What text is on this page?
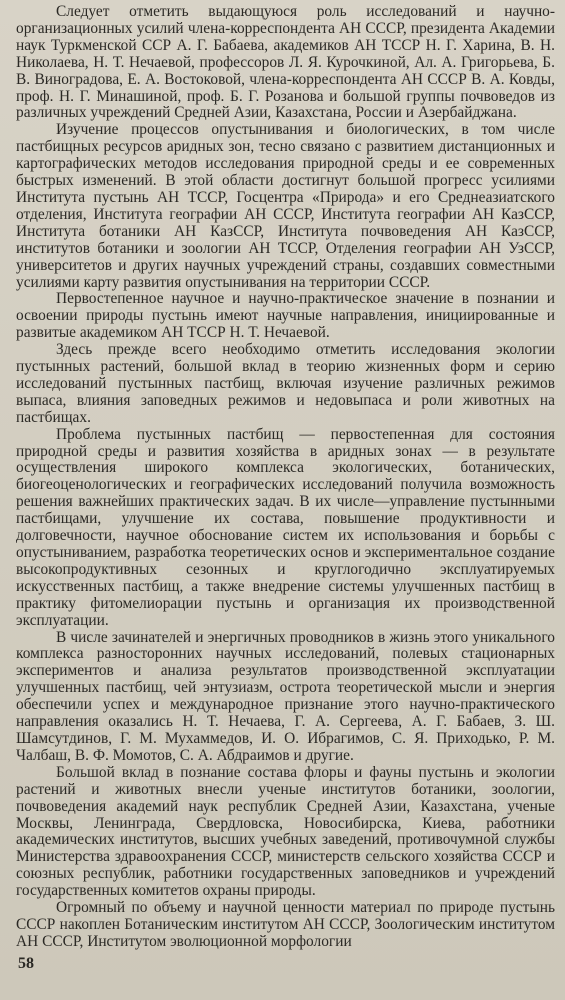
Следует отметить выдающуюся роль исследований и научно-организационных усилий члена-корреспондента АН СССР, президента Академии наук Туркменской ССР А. Г. Бабаева, академиков АН ТССР Н. Г. Харина, В. Н. Николаева, Н. Т. Нечаевой, профессоров Л. Я. Курочкиной, Ал. А. Григорьева, Б. В. Виноградова, Е. А. Востоковой, члена-корреспондента АН СССР В. А. Ковды, проф. Н. Г. Минашиной, проф. Б. Г. Розанова и большой группы почвоведов из различных учреждений Средней Азии, Казахстана, России и Азербайджана.

Изучение процессов опустынивания и биологических, в том числе пастбищных ресурсов аридных зон, тесно связано с развитием дистанционных и картографических методов исследования природной среды и ее современных быстрых изменений. В этой области достигнут большой прогресс усилиями Института пустынь АН ТССР, Госцентра «Природа» и его Среднеазиатского отделения, Института географии АН СССР, Института географии АН КазССР, Института ботаники АН КазССР, Института почвоведения АН КазССР, институтов ботаники и зоологии АН ТССР, Отделения географии АН УзССР, университетов и других научных учреждений страны, создавших совместными усилиями карту развития опустынивания на территории СССР.

Первостепенное научное и научно-практическое значение в познании и освоении природы пустынь имеют научные направления, инициированные и развитые академиком АН ТССР Н. Т. Нечаевой.

Здесь прежде всего необходимо отметить исследования экологии пустынных растений, большой вклад в теорию жизненных форм и серию исследований пустынных пастбищ, включая изучение различных режимов выпаса, влияния заповедных режимов и недовыпаса и роли животных на пастбищах.

Проблема пустынных пастбищ — первостепенная для состояния природной среды и развития хозяйства в аридных зонах — в результате осуществления широкого комплекса экологических, ботанических, биогеоценологических и географических исследований получила возможность решения важнейших практических задач. В их числе—управление пустынными пастбищами, улучшение их состава, повышение продуктивности и долговечности, научное обоснование систем их использования и борьбы с опустыниванием, разработка теоретических основ и экспериментальное создание высокопродуктивных сезонных и круглогодично эксплуатируемых искусственных пастбищ, а также внедрение системы улучшенных пастбищ в практику фитомелиорации пустынь и организация их производственной эксплуатации.

В числе зачинателей и энергичных проводников в жизнь этого уникального комплекса разносторонних научных исследований, полевых стационарных экспериментов и анализа результатов производственной эксплуатации улучшенных пастбищ, чей энтузиазм, острота теоретической мысли и энергия обеспечили успех и международное признание этого научно-практического направления оказались Н. Т. Нечаева, Г. А. Сергеева, А. Г. Бабаев, З. Ш. Шамсутдинов, Г. М. Мухаммедов, И. О. Ибрагимов, С. Я. Приходько, Р. М. Чалбаш, В. Ф. Момотов, С. А. Абдраимов и другие.

Большой вклад в познание состава флоры и фауны пустынь и экологии растений и животных внесли ученые институтов ботаники, зоологии, почвоведения академий наук республик Средней Азии, Казахстана, ученые Москвы, Ленинграда, Свердловска, Новосибирска, Киева, работники академических институтов, высших учебных заведений, противочумной службы Министерства здравоохранения СССР, министерств сельского хозяйства СССР и союзных республик, работники государственных заповедников и учреждений государственных комитетов охраны природы.

Огромный по объему и научной ценности материал по природе пустынь СССР накоплен Ботаническим институтом АН СССР, Зоологическим институтом АН СССР, Институтом эволюционной морфологии

58
